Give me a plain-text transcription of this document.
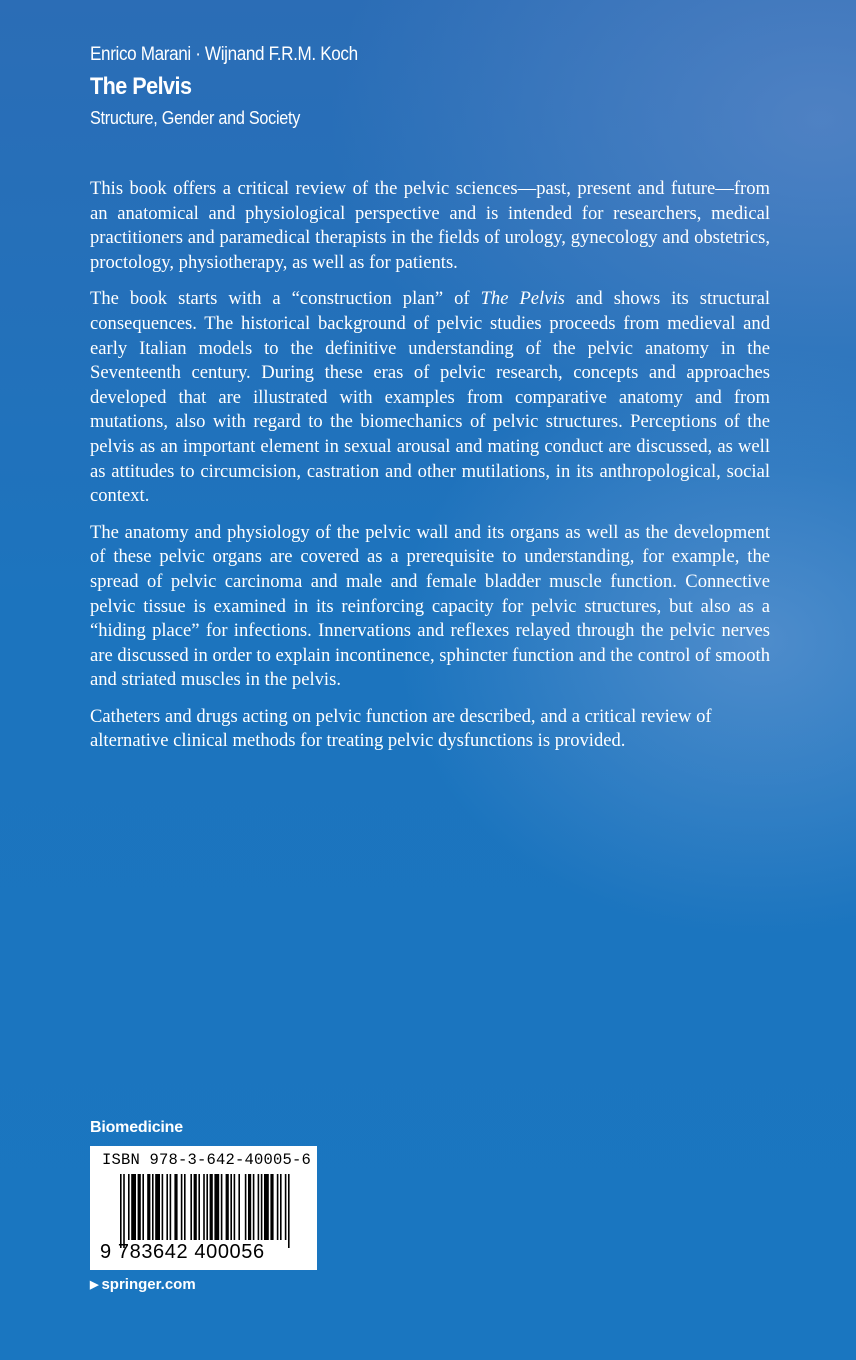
Enrico Marani · Wijnand F.R.M. Koch
The Pelvis
Structure, Gender and Society

This book offers a critical review of the pelvic sciences—past, present and future—from an anatomical and physiological perspective and is intended for researchers, medical practitioners and paramedical therapists in the fields of urology, gynecology and obstetrics, proctology, physiotherapy, as well as for patients.

The book starts with a “construction plan” of The Pelvis and shows its structural consequences. The historical background of pelvic studies proceeds from medieval and early Italian models to the definitive understanding of the pelvic anatomy in the Seventeenth century. During these eras of pelvic research, concepts and approaches developed that are illustrated with examples from comparative anatomy and from mutations, also with regard to the biomechanics of pelvic structures. Perceptions of the pelvis as an important element in sexual arousal and mating conduct are discussed, as well as attitudes to circumcision, castration and other mutilations, in its anthropological, social context.

The anatomy and physiology of the pelvic wall and its organs as well as the development of these pelvic organs are covered as a prerequisite to understanding, for example, the spread of pelvic carcinoma and male and female bladder muscle function. Connective pelvic tissue is examined in its reinforcing capacity for pelvic structures, but also as a “hiding place” for infections. Innervations and reflexes relayed through the pelvic nerves are discussed in order to explain incontinence, sphincter function and the control of smooth and striated muscles in the pelvis.

Catheters and drugs acting on pelvic function are described, and a critical review of alternative clinical methods for treating pelvic dysfunctions is provided.

Biomedicine
ISBN 978-3-642-40005-6
9 783642 400056
▶ springer.com
